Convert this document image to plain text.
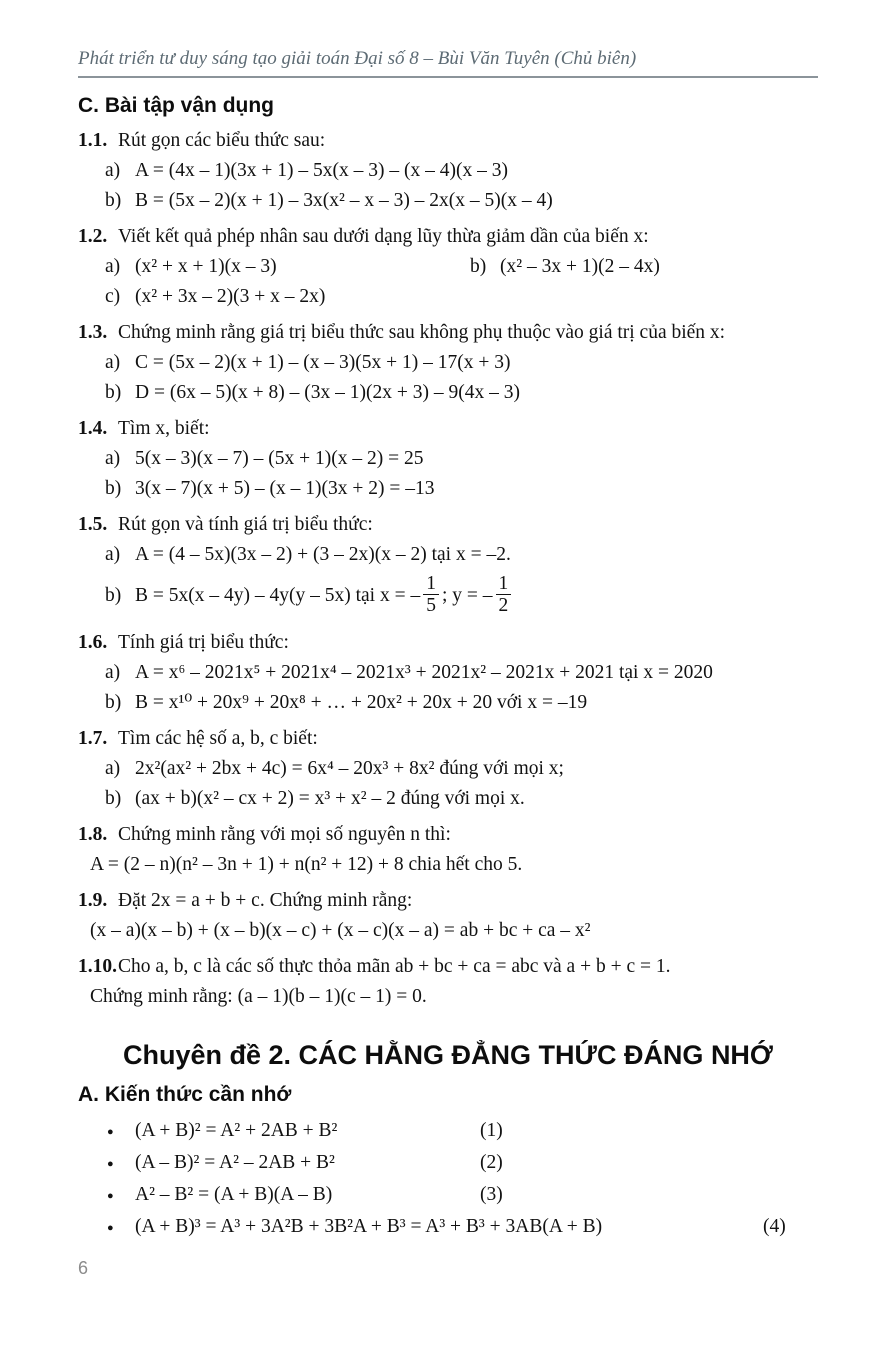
Phát triển tư duy sáng tạo giải toán Đại số 8 – Bùi Văn Tuyên (Chủ biên)
C. Bài tập vận dụng
1.1. Rút gọn các biểu thức sau:
a) A = (4x – 1)(3x + 1) – 5x(x – 3) – (x – 4)(x – 3)
b) B = (5x – 2)(x + 1) – 3x(x² – x – 3) – 2x(x – 5)(x – 4)
1.2. Viết kết quả phép nhân sau dưới dạng lũy thừa giảm dần của biến x:
a) (x² + x + 1)(x – 3)	b) (x² – 3x + 1)(2 – 4x)
c) (x² + 3x – 2)(3 + x – 2x)
1.3. Chứng minh rằng giá trị biểu thức sau không phụ thuộc vào giá trị của biến x:
a) C = (5x – 2)(x + 1) – (x – 3)(5x + 1) – 17(x + 3)
b) D = (6x – 5)(x + 8) – (3x – 1)(2x + 3) – 9(4x – 3)
1.4. Tìm x, biết:
a) 5(x – 3)(x – 7) – (5x + 1)(x – 2) = 25
b) 3(x – 7)(x + 5) – (x – 1)(3x + 2) = –13
1.5. Rút gọn và tính giá trị biểu thức:
a) A = (4 – 5x)(3x – 2) + (3 – 2x)(x – 2) tại x = –2.
b) B = 5x(x – 4y) – 4y(y – 5x) tại x = – $\frac{1}{5}$ ; y = – $\frac{1}{2}$
1.6. Tính giá trị biểu thức:
a) A = x⁶ – 2021x⁵ + 2021x⁴ – 2021x³ + 2021x² – 2021x + 2021 tại x = 2020
b) B = x¹⁰ + 20x⁹ + 20x⁸ + … + 20x² + 20x + 20 với x = –19
1.7. Tìm các hệ số a, b, c biết:
a) 2x²(ax² + 2bx + 4c) = 6x⁴ – 20x³ + 8x² đúng với mọi x;
b) (ax + b)(x² – cx + 2) = x³ + x² – 2 đúng với mọi x.
1.8. Chứng minh rằng với mọi số nguyên n thì:
A = (2 – n)(n² – 3n + 1) + n(n² + 12) + 8 chia hết cho 5.
1.9. Đặt 2x = a + b + c. Chứng minh rằng:
(x – a)(x – b) + (x – b)(x – c) + (x – c)(x – a) = ab + bc + ca – x²
1.10.Cho a, b, c là các số thực thỏa mãn ab + bc + ca = abc và a + b + c = 1.
Chứng minh rằng: (a – 1)(b – 1)(c – 1) = 0.
Chuyên đề 2. CÁC HẰNG ĐẲNG THỨC ĐÁNG NHỚ
A. Kiến thức cần nhớ
● (A + B)² = A² + 2AB + B²	(1)
● (A – B)² = A² – 2AB + B²	(2)
● A² – B² = (A + B)(A – B)	(3)
● (A + B)³ = A³ + 3A²B + 3B²A + B³ = A³ + B³ + 3AB(A + B)	(4)
6
